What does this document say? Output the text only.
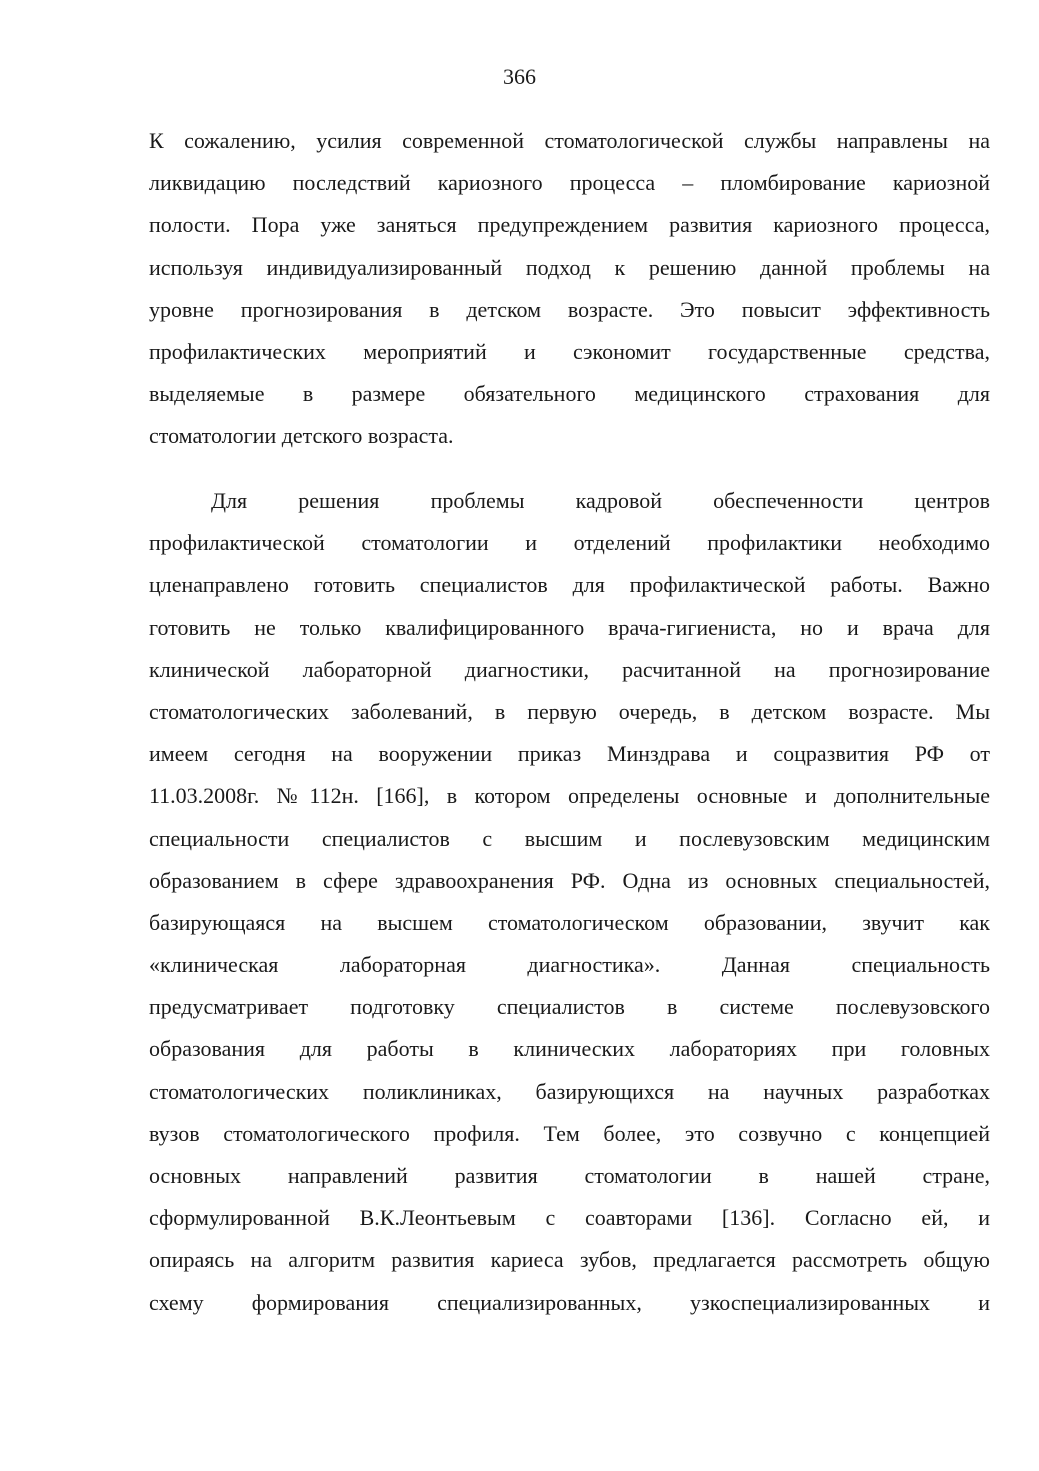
366
К сожалению, усилия современной стоматологической службы направлены на
ликвидацию последствий кариозного процесса – пломбирование кариозной
полости. Пора уже заняться предупреждением развития кариозного процесса,
используя индивидуализированный подход к решению данной проблемы на
уровне прогнозирования в детском возрасте. Это повысит эффективность
профилактических мероприятий и сэкономит государственные средства,
выделяемые в размере обязательного медицинского страхования для
стоматологии детского возраста.
Для решения проблемы кадровой обеспеченности центров
профилактической стоматологии и отделений профилактики необходимо
цленаправлено готовить специалистов для профилактической работы. Важно
готовить не только квалифицированного врача-гигиениста, но и врача для
клинической лабораторной диагностики, расчитанной на прогнозирование
стоматологических заболеваний, в первую очередь, в детском возрасте. Мы
имеем сегодня на вооружении приказ Минздрава и соцразвития РФ от
11.03.2008г. №112н. [166], в котором определены основные и дополнительные
специальности специалистов с высшим и послевузовским медицинским
образованием в сфере здравоохранения РФ. Одна из основных специальностей,
базирующаяся на высшем стоматологическом образовании, звучит как
«клиническая лабораторная диагностика». Данная специальность
предусматривает подготовку специалистов в системе послевузовского
образования для работы в клинических лабораториях при головных
стоматологических поликлиниках, базирующихся на научных разработках
вузов стоматологического профиля. Тем более, это созвучно с концепцией
основных направлений развития стоматологии в нашей стране,
сформулированной В.К.Леонтьевым с соавторами [136]. Согласно ей, и
опираясь на алгоритм развития кариеса зубов, предлагается рассмотреть общую
схему формирования специализированных, узкоспециализированных и
